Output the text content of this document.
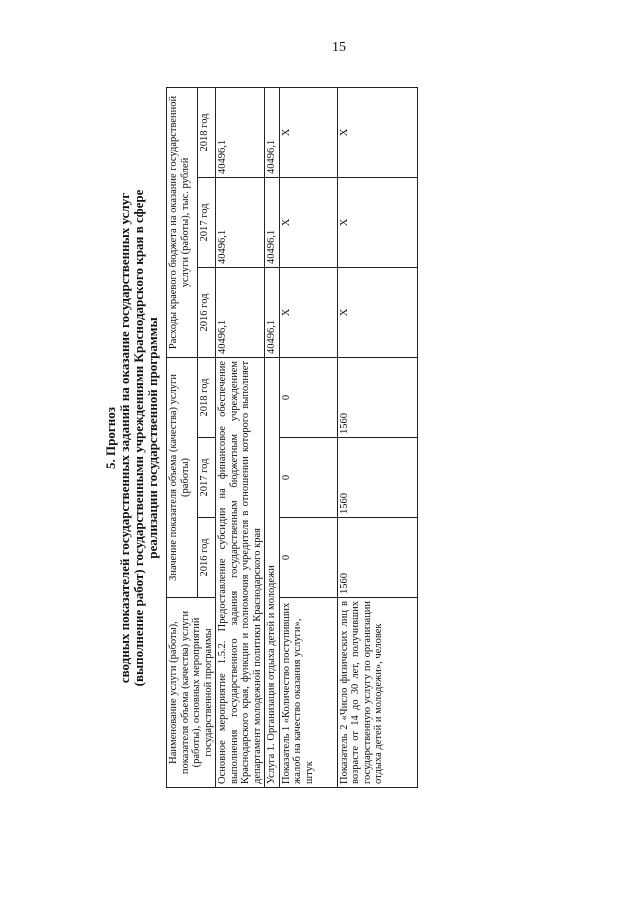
15
5. Прогноз сводных показателей государственных заданий на оказание государственных услуг (выполнение работ) государственными учреждениями Краснодарского края в сфере реализации государственной программы
Наименование услуги (работы), показателя объема (качества) услуги (работы), основных мероприятий государственной программы	Значение показателя объема (качества) услуги (работы)			Расходы краевого бюджета на оказание государственной услуги (работы), тыс. рублей		
	2016 год	2017 год	2018 год	2016 год	2017 год	2018 год
Основное мероприятие 1.5.2. Предоставление субсидии на финансовое обеспечение выполнения государственного задания государственным бюджетным учреждением Краснодарского края, функции и полномочия учредителя в отношении которого выполняет департамент молодежной политики Краснодарского края				40496,1	40496,1	40496,1
Услуга 1. Организация отдыха детей и молодежи				40496,1	40496,1	40496,1
Показатель 1 «Количество поступивших жалоб на качество оказания услуги», штук	0	0	0	X	X	X
Показатель 2 «Число физических лиц в возрасте от 14 до 30 лет, получивших государственную услугу по организации отдыха детей и молодежи», человек	1560	1560	1560	X	X	X
